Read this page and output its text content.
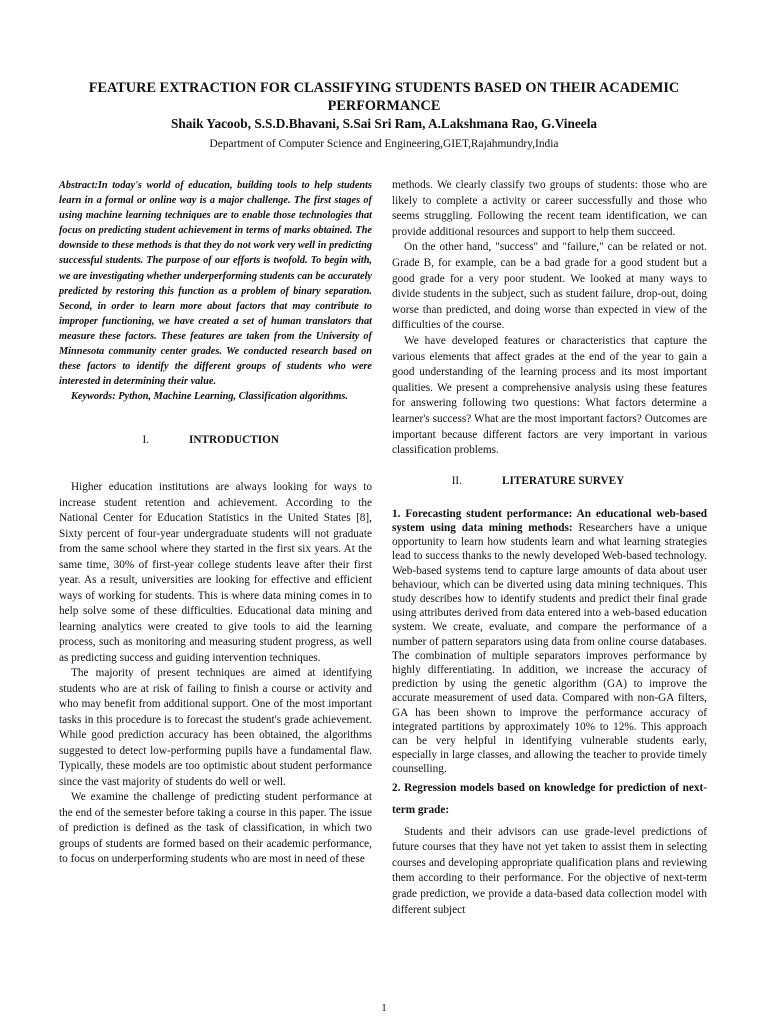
FEATURE EXTRACTION FOR CLASSIFYING STUDENTS BASED ON THEIR ACADEMIC PERFORMANCE
Shaik Yacoob, S.S.D.Bhavani, S.Sai Sri Ram, A.Lakshmana Rao, G.Vineela
Department of Computer Science and Engineering,GIET,Rajahmundry,India

Abstract:In today's world of education, building tools to help students learn in a formal or online way is a major challenge. The first stages of using machine learning techniques are to enable those technologies that focus on predicting student achievement in terms of marks obtained. The downside to these methods is that they do not work very well in predicting successful students. The purpose of our efforts is twofold. To begin with, we are investigating whether underperforming students can be accurately predicted by restoring this function as a problem of binary separation. Second, in order to learn more about factors that may contribute to improper functioning, we have created a set of human translators that measure these factors. These features are taken from the University of Minnesota community center grades. We conducted research based on these factors to identify the different groups of students who were interested in determining their value.

Keywords: Python, Machine Learning, Classification algorithms.

I.	INTRODUCTION

Higher education institutions are always looking for ways to increase student retention and achievement. According to the National Center for Education Statistics in the United States [8], Sixty percent of four-year undergraduate students will not graduate from the same school where they started in the first six years. At the same time, 30% of first-year college students leave after their first year. As a result, universities are looking for effective and efficient ways of working for students. This is where data mining comes in to help solve some of these difficulties. Educational data mining and learning analytics were created to give tools to aid the learning process, such as monitoring and measuring student progress, as well as predicting success and guiding intervention techniques.

The majority of present techniques are aimed at identifying students who are at risk of failing to finish a course or activity and who may benefit from additional support. One of the most important tasks in this procedure is to forecast the student's grade achievement. While good prediction accuracy has been obtained, the algorithms suggested to detect low-performing pupils have a fundamental flaw. Typically, these models are too optimistic about student performance since the vast majority of students do well or well.

We examine the challenge of predicting student performance at the end of the semester before taking a course in this paper. The issue of prediction is defined as the task of classification, in which two groups of students are formed based on their academic performance, to focus on underperforming students who are most in need of these

methods. We clearly classify two groups of students: those who are likely to complete a activity or career successfully and those who seems struggling. Following the recent team identification, we can provide additional resources and support to help them succeed.

On the other hand, "success" and "failure," can be related or not. Grade B, for example, can be a bad grade for a good student but a good grade for a very poor student. We looked at many ways to divide students in the subject, such as student failure, drop-out, doing worse than predicted, and doing worse than expected in view of the difficulties of the course.

We have developed features or characteristics that capture the various elements that affect grades at the end of the year to gain a good understanding of the learning process and its most important qualities. We present a comprehensive analysis using these features for answering following two questions: What factors determine a learner's success? What are the most important factors? Outcomes are important because different factors are very important in various classification problems.

II.	LITERATURE SURVEY

1. Forecasting student performance: An educational web-based system using data mining methods: Researchers have a unique opportunity to learn how students learn and what learning strategies lead to success thanks to the newly developed Web-based technology. Web-based systems tend to capture large amounts of data about user behaviour, which can be diverted using data mining techniques. This study describes how to identify students and predict their final grade using attributes derived from data entered into a web-based education system. We create, evaluate, and compare the performance of a number of pattern separators using data from online course databases. The combination of multiple separators improves performance by highly differentiating. In addition, we increase the accuracy of prediction by using the genetic algorithm (GA) to improve the accurate measurement of used data. Compared with non-GA filters, GA has been shown to improve the performance accuracy of integrated partitions by approximately 10% to 12%. This approach can be very helpful in identifying vulnerable students early, especially in large classes, and allowing the teacher to provide timely counselling.

2. Regression models based on knowledge for prediction of next-term grade:

Students and their advisors can use grade-level predictions of future courses that they have not yet taken to assist them in selecting courses and developing appropriate qualification plans and reviewing them according to their performance. For the objective of next-term grade prediction, we provide a data-based data collection model with different subject

1
